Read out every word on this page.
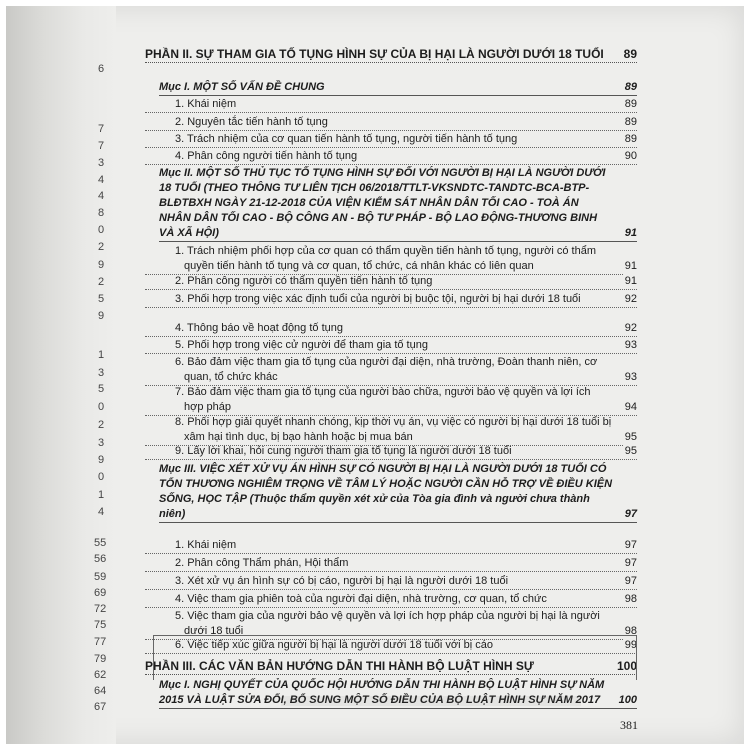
6
7
7
3
4
4
8
0
2
9
2
5
9
1
3
5
0
2
3
9
0
1
4
55
56
59
69
72
75
77
79
62
64
67
PHẦN II. SỰ THAM GIA TỐ TỤNG HÌNH SỰ CỦA BỊ HẠI LÀ NGƯỜI DƯỚI 18 TUỔI	89
Mục I. MỘT SỐ VẤN ĐỀ CHUNG	89
1. Khái niệm	89
2. Nguyên tắc tiến hành tố tụng	89
3. Trách nhiệm của cơ quan tiến hành tố tụng, người tiến hành tố tụng	89
4. Phân công người tiến hành tố tụng	90
Mục II. MỘT SỐ THỦ TỤC TỐ TỤNG HÌNH SỰ ĐỐI VỚI NGƯỜI BỊ HẠI LÀ NGƯỜI DƯỚI 18 TUỔI (THEO THÔNG TƯ LIÊN TỊCH 06/2018/TTLT-VKSNDTC-TANDTC-BCA-BTP-BLĐTBXH NGÀY 21-12-2018 CỦA VIỆN KIỂM SÁT NHÂN DÂN TỐI CAO - TOÀ ÁN NHÂN DÂN TỐI CAO - BỘ CÔNG AN - BỘ TƯ PHÁP - BỘ LAO ĐỘNG-THƯƠNG BINH VÀ XÃ HỘI)	91
1. Trách nhiệm phối hợp của cơ quan có thẩm quyền tiến hành tố tụng, người có thẩm quyền tiến hành tố tụng và cơ quan, tổ chức, cá nhân khác có liên quan	91
2. Phân công người có thẩm quyền tiến hành tố tụng	91
3. Phối hợp trong việc xác định tuổi của người bị buộc tội, người bị hại dưới 18 tuổi	92
4. Thông báo về hoạt động tố tụng	92
5. Phối hợp trong việc cử người để tham gia tố tụng	93
6. Bảo đảm việc tham gia tố tụng của người đại diện, nhà trường, Đoàn thanh niên, cơ quan, tổ chức khác	93
7. Bảo đảm việc tham gia tố tụng của người bào chữa, người bảo vệ quyền và lợi ích hợp pháp	94
8. Phối hợp giải quyết nhanh chóng, kịp thời vụ án, vụ việc có người bị hại dưới 18 tuổi bị xâm hại tình dục, bị bạo hành hoặc bị mua bán	95
9. Lấy lời khai, hỏi cung người tham gia tố tụng là người dưới 18 tuổi	95
Mục III. VIỆC XÉT XỬ VỤ ÁN HÌNH SỰ CÓ NGƯỜI BỊ HẠI LÀ NGƯỜI DƯỚI 18 TUỔI CÓ TỔN THƯƠNG NGHIÊM TRỌNG VỀ TÂM LÝ HOẶC NGƯỜI CẦN HỖ TRỢ VỀ ĐIỀU KIỆN SỐNG, HỌC TẬP (Thuộc thẩm quyền xét xử của Tòa gia đình và người chưa thành niên)	97
1. Khái niệm	97
2. Phân công Thẩm phán, Hội thẩm	97
3. Xét xử vụ án hình sự có bị cáo, người bị hại là người dưới 18 tuổi	97
4. Việc tham gia phiên toà của người đại diện, nhà trường, cơ quan, tổ chức	98
5. Việc tham gia của người bảo vệ quyền và lợi ích hợp pháp của người bị hại là người dưới 18 tuổi	98
6. Việc tiếp xúc giữa người bị hại là người dưới 18 tuổi với bị cáo	99
PHẦN III. CÁC VĂN BẢN HƯỚNG DẪN THI HÀNH BỘ LUẬT HÌNH SỰ	100
Mục I. NGHỊ QUYẾT CỦA QUỐC HỘI HƯỚNG DẪN THI HÀNH BỘ LUẬT HÌNH SỰ NĂM 2015 VÀ LUẬT SỬA ĐỔI, BỔ SUNG MỘT SỐ ĐIỀU CỦA BỘ LUẬT HÌNH SỰ NĂM 2017	100
381
